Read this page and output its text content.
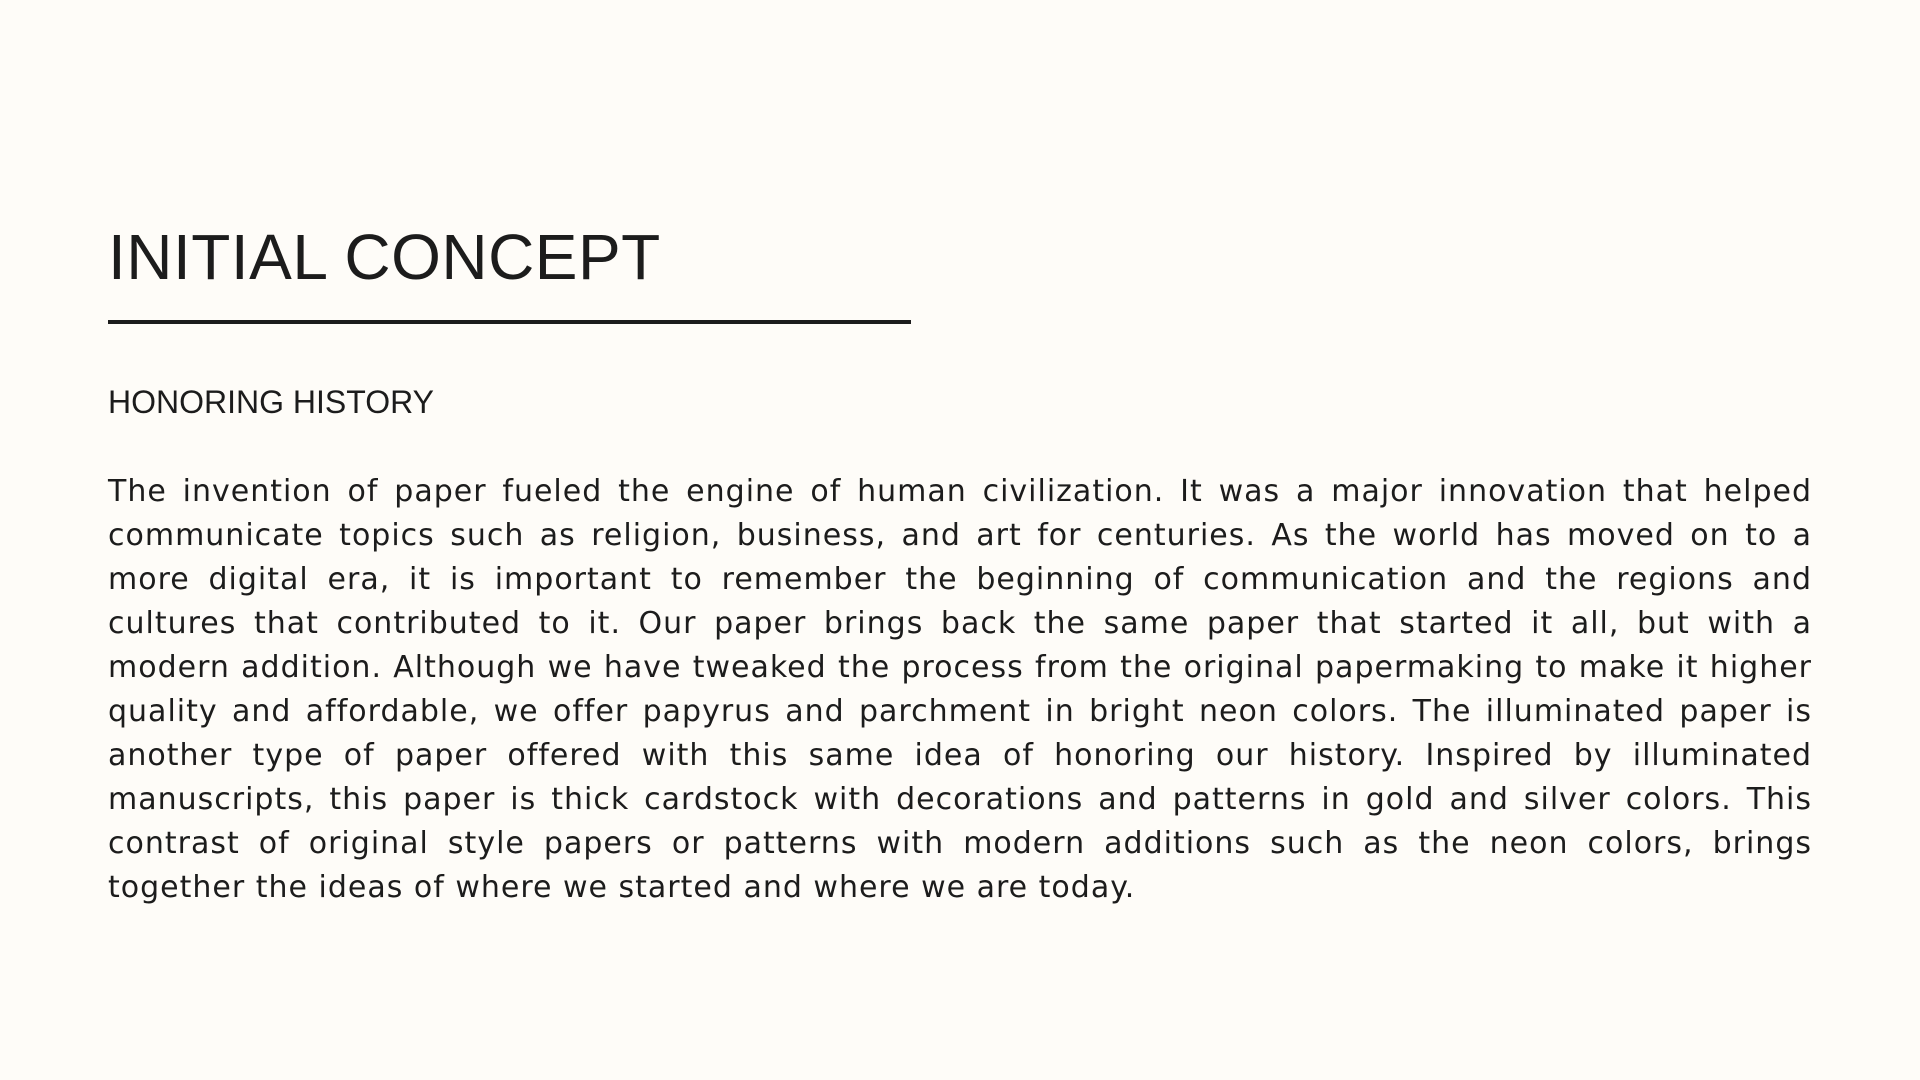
INITIAL CONCEPT
HONORING HISTORY

The invention of paper fueled the engine of human civilization. It was a major innovation that helped communicate topics such as religion, business, and art for centuries. As the world has moved on to a more digital era, it is important to remember the beginning of communication and the regions and cultures that contributed to it. Our paper brings back the same paper that started it all, but with a modern addition. Although we have tweaked the process from the original papermaking to make it higher quality and affordable, we offer papyrus and parchment in bright neon colors. The illuminated paper is another type of paper offered with this same idea of honoring our history. Inspired by illuminated manuscripts, this paper is thick cardstock with decorations and patterns in gold and silver colors. This contrast of original style papers or patterns with modern additions such as the neon colors, brings together the ideas of where we started and where we are today.
